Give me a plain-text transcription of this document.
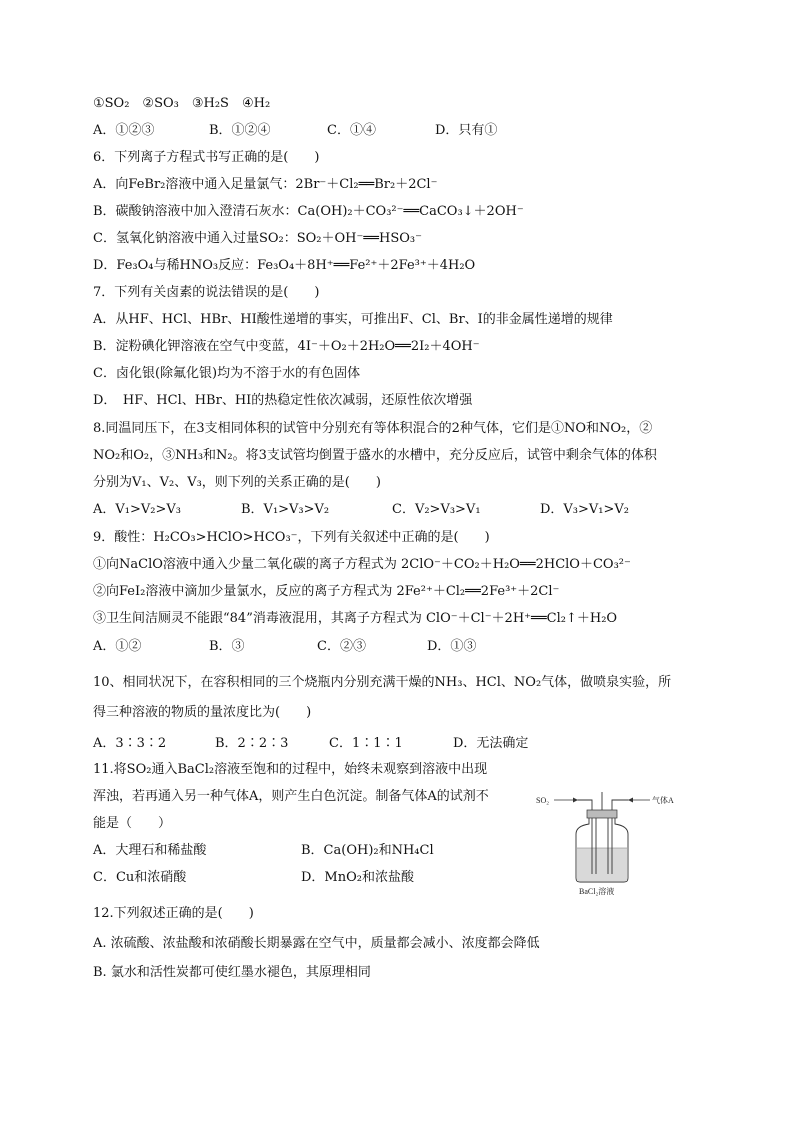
①SO₂　②SO₃　③H₂S　④H₂
A．①②③	B．①②④	C．①④	D．只有①
6．下列离子方程式书写正确的是(　　)
A．向FeBr₂溶液中通入足量氯气：2Br⁻＋Cl₂══Br₂＋2Cl⁻
B．碳酸钠溶液中加入澄清石灰水：Ca(OH)₂＋CO₃²⁻══CaCO₃↓＋2OH⁻
C．氢氧化钠溶液中通入过量SO₂：SO₂＋OH⁻══HSO₃⁻
D．Fe₃O₄与稀HNO₃反应：Fe₃O₄＋8H⁺══Fe²⁺＋2Fe³⁺＋4H₂O
7．下列有关卤素的说法错误的是(　　)
A．从HF、HCl、HBr、HI酸性递增的事实，可推出F、Cl、Br、I的非金属性递增的规律
B．淀粉碘化钾溶液在空气中变蓝，4I⁻＋O₂＋2H₂O══2I₂＋4OH⁻
C．卤化银(除氟化银)均为不溶于水的有色固体
D．　HF、HCl、HBr、HI的热稳定性依次减弱，还原性依次增强
8.同温同压下，在3支相同体积的试管中分别充有等体积混合的2种气体，它们是①NO和NO₂，②
NO₂和O₂，③NH₃和N₂。将3支试管均倒置于盛水的水槽中，充分反应后，试管中剩余气体的体积
分别为V₁、V₂、V₃，则下列的关系正确的是(　　)
A．V₁>V₂>V₃	B．V₁>V₃>V₂	C．V₂>V₃>V₁	D．V₃>V₁>V₂
9．酸性：H₂CO₃>HClO>HCO₃⁻，下列有关叙述中正确的是(　　)
①向NaClO溶液中通入少量二氧化碳的离子方程式为 2ClO⁻＋CO₂＋H₂O══2HClO＋CO₃²⁻
②向FeI₂溶液中滴加少量氯水，反应的离子方程式为 2Fe²⁺＋Cl₂══2Fe³⁺＋2Cl⁻
③卫生间洁厕灵不能跟“84”消毒液混用，其离子方程式为 ClO⁻＋Cl⁻＋2H⁺══Cl₂↑＋H₂O
A．①②	B．③	C．②③	D．①③
10、相同状况下，在容积相同的三个烧瓶内分别充满干燥的NH₃、HCl、NO₂气体，做喷泉实验，所
得三种溶液的物质的量浓度比为(　　)
A．3∶3∶2	B．2∶2∶3	C．1∶1∶1	D．无法确定
11.将SO₂通入BaCl₂溶液至饱和的过程中，始终未观察到溶液中出现
浑浊，若再通入另一种气体A，则产生白色沉淀。制备气体A的试剂不
能是（　　）
A．大理石和稀盐酸	B．Ca(OH)₂和NH₄Cl
C．Cu和浓硝酸	D．MnO₂和浓盐酸
SO₂	气体A
BaCl₂溶液
12.下列叙述正确的是(　　)
A. 浓硫酸、浓盐酸和浓硝酸长期暴露在空气中，质量都会减小、浓度都会降低
B. 氯水和活性炭都可使红墨水褪色，其原理相同
